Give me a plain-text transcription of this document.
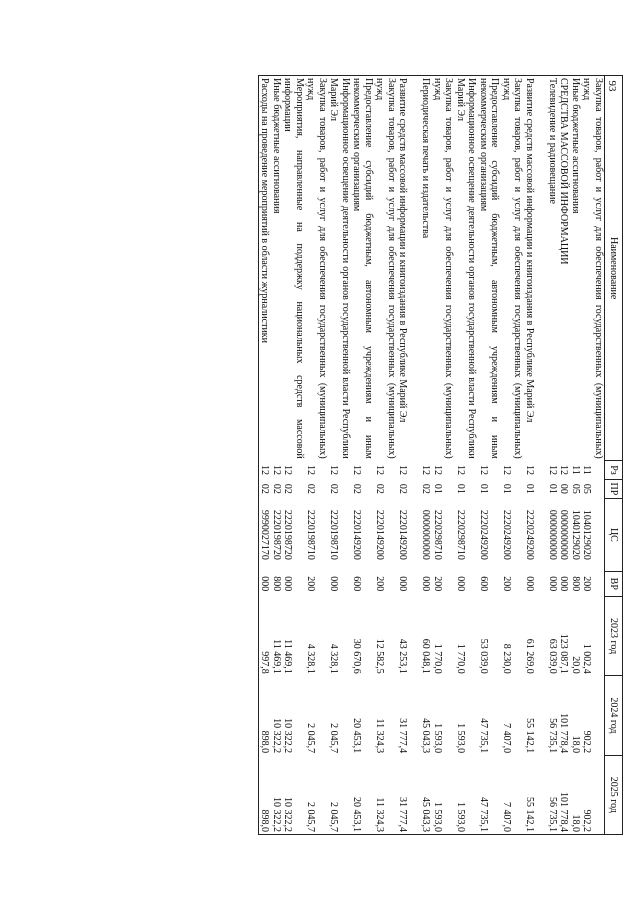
93
Наименование	Рз	ПР	ЦС	ВР	2023 год	2024 год	2025 год
Закупка товаров, работ и услуг для обеспечения государственных (муниципальных) нужд	11	05	1040129020	200	1 002,4	902,2	902,2
Иные бюджетные ассигнования	11	05	1040129020	800	20,0	18,0	18,0
СРЕДСТВА МАССОВОЙ ИНФОРМАЦИИ	12	00	0000000000	000	123 087,1	101 778,4	101 778,4
Телевидение и радиовещание	12	01	0000000000	000	63 039,0	56 735,1	56 735,1
Развитие средств массовой информации и книгоиздания в Республике Марий Эл	12	01	2220249200	000	61 269,0	55 142,1	55 142,1
Закупка товаров, работ и услуг для обеспечения государственных (муниципальных) нужд	12	01	2220249200	200	8 230,0	7 407,0	7 407,0
Предоставление субсидий бюджетным, автономным учреждениям и иным некоммерческим организациям	12	01	2220249200	600	53 039,0	47 735,1	47 735,1
Информационное освещение деятельности органов государственной власти Республики Марий Эл	12	01	2220298710	000	1 770,0	1 593,0	1 593,0
Закупка товаров, работ и услуг для обеспечения государственных (муниципальных) нужд	12	01	2220298710	200	1 770,0	1 593,0	1 593,0
Периодическая печать и издательства	12	02	0000000000	000	60 048,1	45 043,3	45 043,3
Развитие средств массовой информации и книгоиздания в Республике Марий Эл	12	02	2220149200	000	43 253,1	31 777,4	31 777,4
Закупка товаров, работ и услуг для обеспечения государственных (муниципальных) нужд	12	02	2220149200	200	12 582,5	11 324,3	11 324,3
Предоставление субсидий бюджетным, автономным учреждениям и иным некоммерческим организациям	12	02	2220149200	600	30 670,6	20 453,1	20 453,1
Информационное освещение деятельности органов государственной власти Республики Марий Эл	12	02	2220198710	000	4 328,1	2 045,7	2 045,7
Закупка товаров, работ и услуг для обеспечения государственных (муниципальных) нужд	12	02	2220198710	200	4 328,1	2 045,7	2 045,7
Мероприятия, направленные на поддержку национальных средств массовой информации	12	02	2220198720	000	11 469,1	10 322,2	10 322,2
Иные бюджетные ассигнования	12	02	2220198720	800	11 469,1	10 322,2	10 322,2
Расходы на проведение мероприятий в области журналистики	12	02	9990027170	000	997,8	898,0	898,0
